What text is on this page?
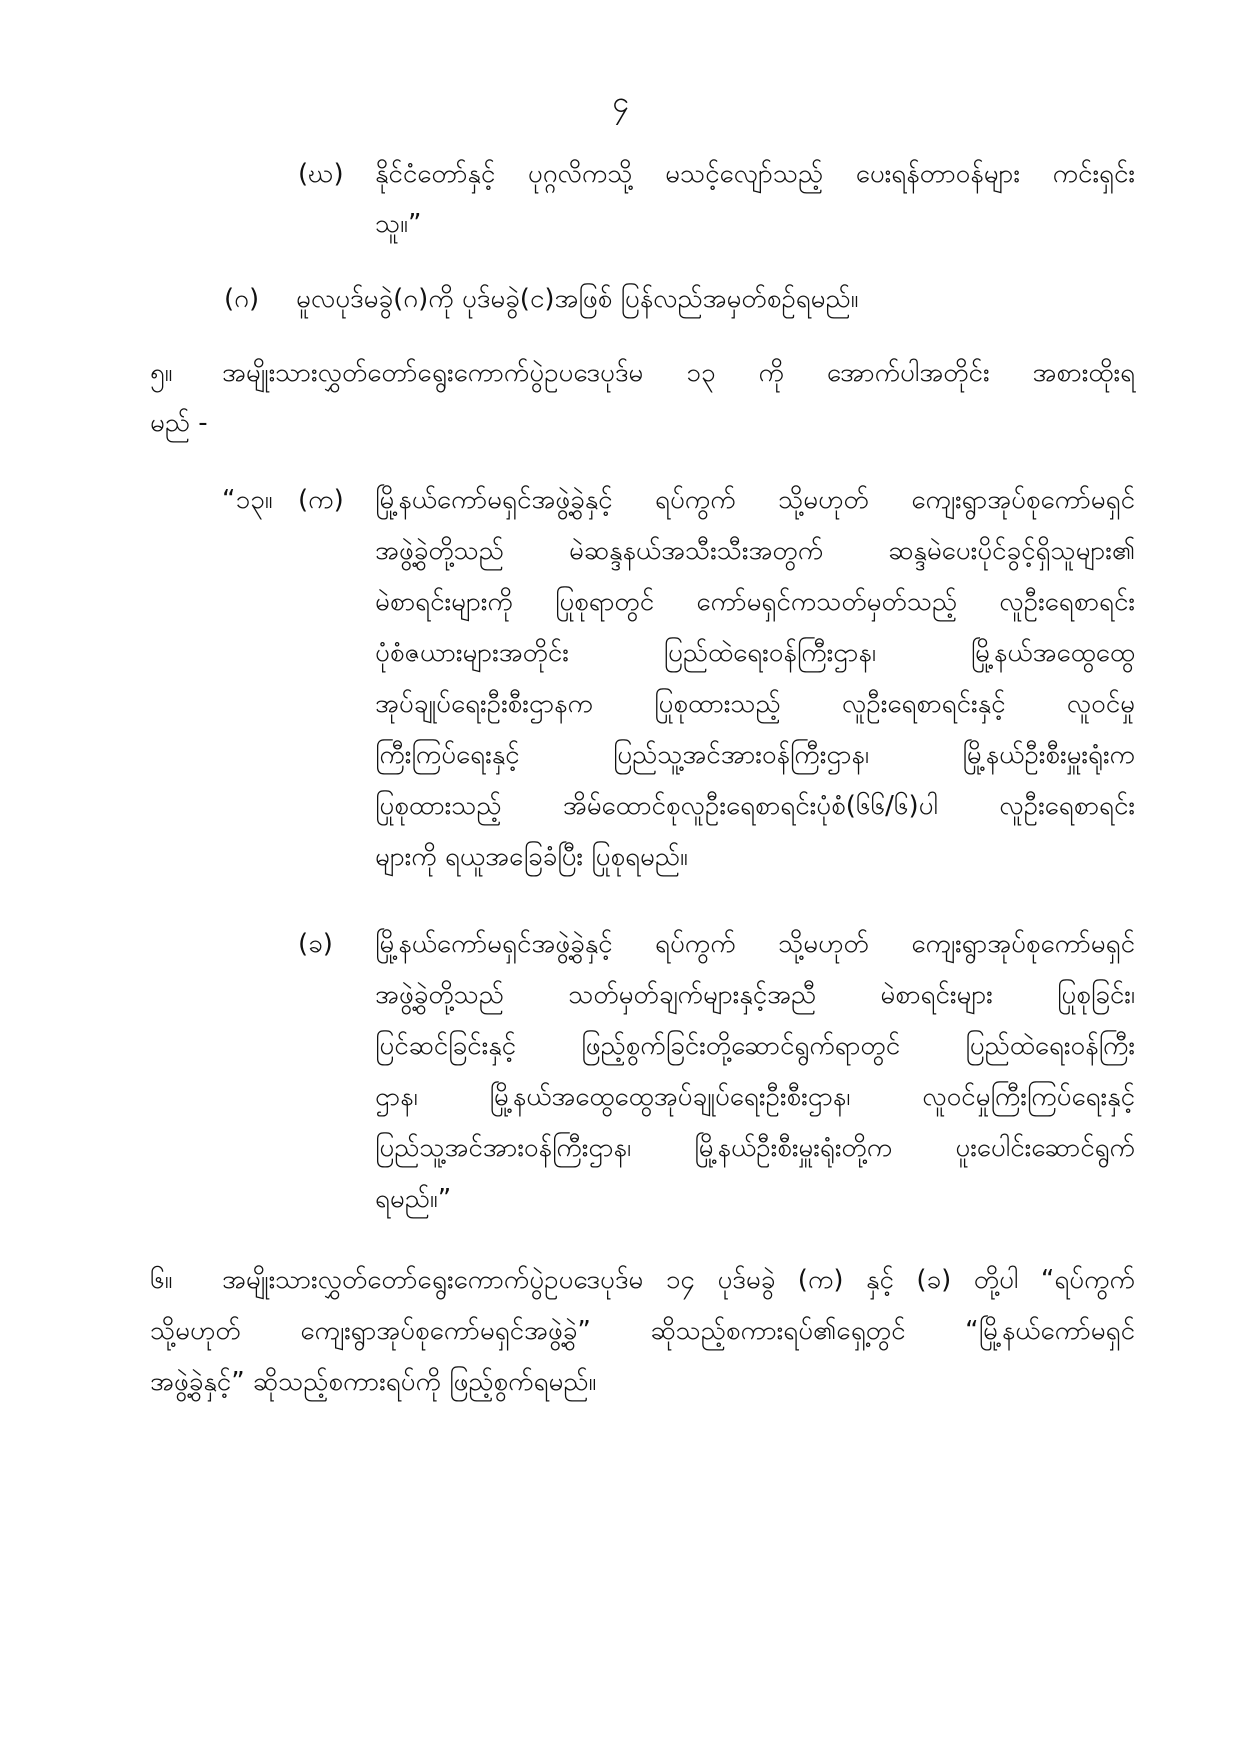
၄
(ဃ) နိုင်ငံတော်နှင့် ပုဂ္ဂလိကသို့ မသင့်လျော်သည့် ပေးရန်တာဝန်များ ကင်းရှင်း
သူ။”
(ဂ) မူလပုဒ်မခွဲ(ဂ)ကို ပုဒ်မခွဲ(င)အဖြစ် ပြန်လည်အမှတ်စဉ်ရမည်။
၅။ အမျိုးသားလွှတ်တော်ရွေးကောက်ပွဲဥပဒေပုဒ်မ ၁၃ ကို အောက်ပါအတိုင်း အစားထိုးရ
မည် -
“၁၃။ (က) မြို့နယ်ကော်မရှင်အဖွဲ့ခွဲနှင့် ရပ်ကွက် သို့မဟုတ် ကျေးရွာအုပ်စုကော်မရှင်
အဖွဲ့ခွဲတို့သည် မဲဆန္ဒနယ်အသီးသီးအတွက် ဆန္ဒမဲပေးပိုင်ခွင့်ရှိသူများ၏
မဲစာရင်းများကို ပြုစုရာတွင် ကော်မရှင်ကသတ်မှတ်သည့် လူဦးရေစာရင်း
ပုံစံဇယားများအတိုင်း ပြည်ထဲရေးဝန်ကြီးဌာန၊ မြို့နယ်အထွေထွေ
အုပ်ချုပ်ရေးဦးစီးဌာနက ပြုစုထားသည့် လူဦးရေစာရင်းနှင့် လူဝင်မှု
ကြီးကြပ်ရေးနှင့် ပြည်သူ့အင်အားဝန်ကြီးဌာန၊ မြို့နယ်ဦးစီးမှူးရုံးက
ပြုစုထားသည့် အိမ်ထောင်စုလူဦးရေစာရင်းပုံစံ(၆၆/၆)ပါ လူဦးရေစာရင်း
များကို ရယူအခြေခံပြီး ပြုစုရမည်။
(ခ) မြို့နယ်ကော်မရှင်အဖွဲ့ခွဲနှင့် ရပ်ကွက် သို့မဟုတ် ကျေးရွာအုပ်စုကော်မရှင်
အဖွဲ့ခွဲတို့သည် သတ်မှတ်ချက်များနှင့်အညီ မဲစာရင်းများ ပြုစုခြင်း၊
ပြင်ဆင်ခြင်းနှင့် ဖြည့်စွက်ခြင်းတို့ဆောင်ရွက်ရာတွင် ပြည်ထဲရေးဝန်ကြီး
ဌာန၊ မြို့နယ်အထွေထွေအုပ်ချုပ်ရေးဦးစီးဌာန၊ လူဝင်မှုကြီးကြပ်ရေးနှင့်
ပြည်သူ့အင်အားဝန်ကြီးဌာန၊ မြို့နယ်ဦးစီးမှူးရုံးတို့က ပူးပေါင်းဆောင်ရွက်
ရမည်။”
၆။ အမျိုးသားလွှတ်တော်ရွေးကောက်ပွဲဥပဒေပုဒ်မ ၁၄ ပုဒ်မခွဲ (က) နှင့် (ခ) တို့ပါ “ရပ်ကွက်
သို့မဟုတ် ကျေးရွာအုပ်စုကော်မရှင်အဖွဲ့ခွဲ” ဆိုသည့်စကားရပ်၏ရှေ့တွင် “မြို့နယ်ကော်မရှင်
အဖွဲ့ခွဲနှင့်” ဆိုသည့်စကားရပ်ကို ဖြည့်စွက်ရမည်။
